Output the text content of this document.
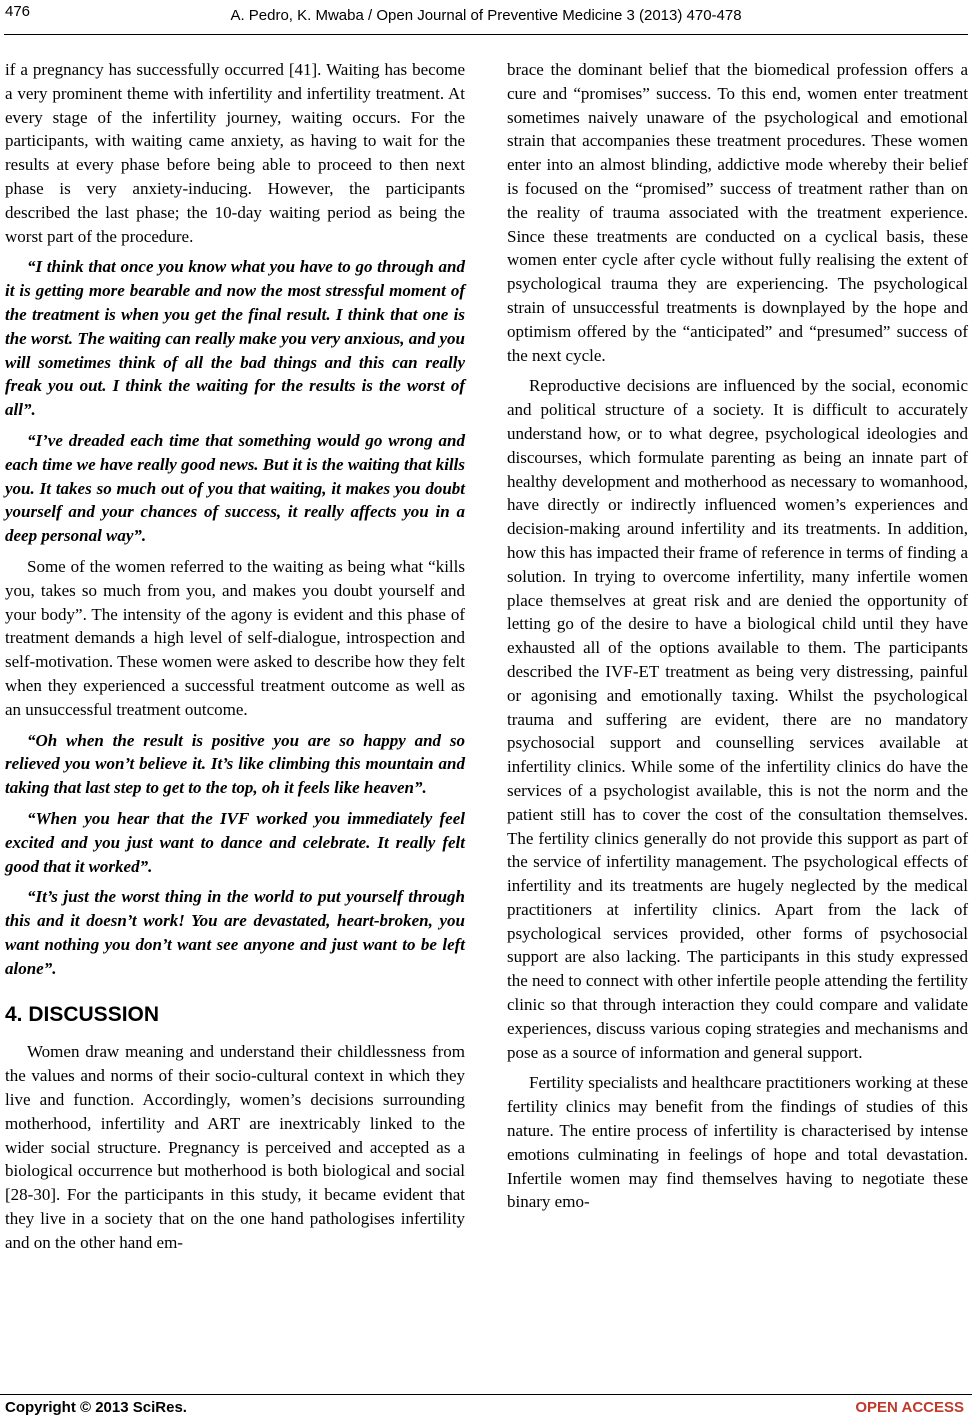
476	A. Pedro, K. Mwaba / Open Journal of Preventive Medicine 3 (2013) 470-478

if a pregnancy has successfully occurred [41]. Waiting has become a very prominent theme with infertility and infertility treatment. At every stage of the infertility journey, waiting occurs. For the participants, with waiting came anxiety, as having to wait for the results at every phase before being able to proceed to then next phase is very anxiety-inducing. However, the participants described the last phase; the 10-day waiting period as being the worst part of the procedure.

“I think that once you know what you have to go through and it is getting more bearable and now the most stressful moment of the treatment is when you get the final result. I think that one is the worst. The waiting can really make you very anxious, and you will sometimes think of all the bad things and this can really freak you out. I think the waiting for the results is the worst of all”.

“I’ve dreaded each time that something would go wrong and each time we have really good news. But it is the waiting that kills you. It takes so much out of you that waiting, it makes you doubt yourself and your chances of success, it really affects you in a deep personal way”.

Some of the women referred to the waiting as being what “kills you, takes so much from you, and makes you doubt yourself and your body”. The intensity of the agony is evident and this phase of treatment demands a high level of self-dialogue, introspection and self-motivation. These women were asked to describe how they felt when they experienced a successful treatment outcome as well as an unsuccessful treatment outcome.

“Oh when the result is positive you are so happy and so relieved you won’t believe it. It’s like climbing this mountain and taking that last step to get to the top, oh it feels like heaven”.

“When you hear that the IVF worked you immediately feel excited and you just want to dance and celebrate. It really felt good that it worked”.

“It’s just the worst thing in the world to put yourself through this and it doesn’t work! You are devastated, heart-broken, you want nothing you don’t want see anyone and just want to be left alone”.

4. DISCUSSION

Women draw meaning and understand their childlessness from the values and norms of their socio-cultural context in which they live and function. Accordingly, women’s decisions surrounding motherhood, infertility and ART are inextricably linked to the wider social structure. Pregnancy is perceived and accepted as a biological occurrence but motherhood is both biological and social [28-30]. For the participants in this study, it became evident that they live in a society that on the one hand pathologises infertility and on the other hand em-

brace the dominant belief that the biomedical profession offers a cure and “promises” success. To this end, women enter treatment sometimes naively unaware of the psychological and emotional strain that accompanies these treatment procedures. These women enter into an almost blinding, addictive mode whereby their belief is focused on the “promised” success of treatment rather than on the reality of trauma associated with the treatment experience. Since these treatments are conducted on a cyclical basis, these women enter cycle after cycle without fully realising the extent of psychological trauma they are experiencing. The psychological strain of unsuccessful treatments is downplayed by the hope and optimism offered by the “anticipated” and “presumed” success of the next cycle.

Reproductive decisions are influenced by the social, economic and political structure of a society. It is difficult to accurately understand how, or to what degree, psychological ideologies and discourses, which formulate parenting as being an innate part of healthy development and motherhood as necessary to womanhood, have directly or indirectly influenced women’s experiences and decision-making around infertility and its treatments. In addition, how this has impacted their frame of reference in terms of finding a solution. In trying to overcome infertility, many infertile women place themselves at great risk and are denied the opportunity of letting go of the desire to have a biological child until they have exhausted all of the options available to them. The participants described the IVF-ET treatment as being very distressing, painful or agonising and emotionally taxing. Whilst the psychological trauma and suffering are evident, there are no mandatory psychosocial support and counselling services available at infertility clinics. While some of the infertility clinics do have the services of a psychologist available, this is not the norm and the patient still has to cover the cost of the consultation themselves. The fertility clinics generally do not provide this support as part of the service of infertility management. The psychological effects of infertility and its treatments are hugely neglected by the medical practitioners at infertility clinics. Apart from the lack of psychological services provided, other forms of psychosocial support are also lacking. The participants in this study expressed the need to connect with other infertile people attending the fertility clinic so that through interaction they could compare and validate experiences, discuss various coping strategies and mechanisms and pose as a source of information and general support.

Fertility specialists and healthcare practitioners working at these fertility clinics may benefit from the findings of studies of this nature. The entire process of infertility is characterised by intense emotions culminating in feelings of hope and total devastation. Infertile women may find themselves having to negotiate these binary emo-

Copyright © 2013 SciRes.	OPEN ACCESS
